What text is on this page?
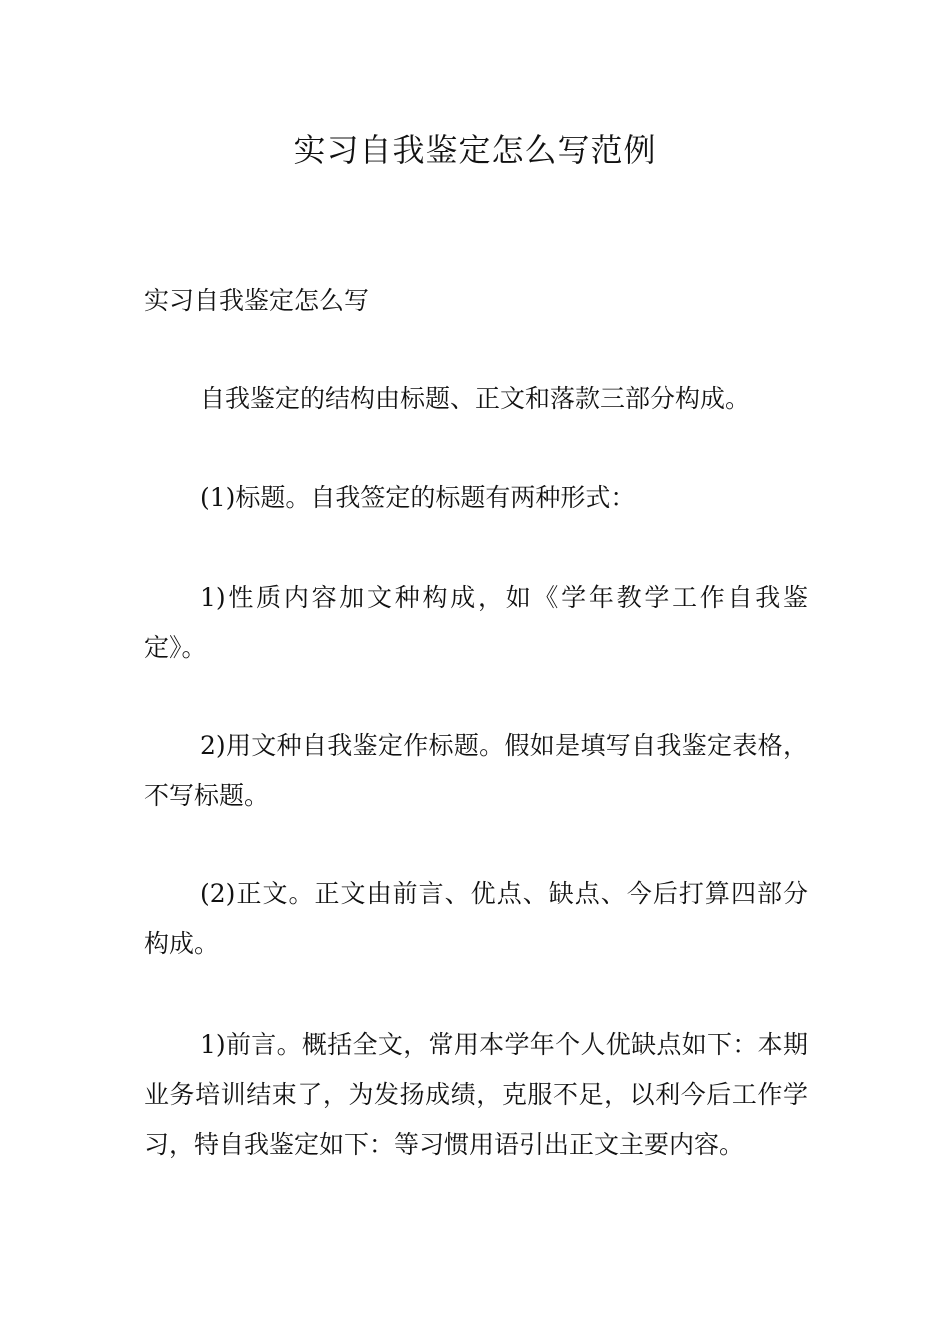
实习自我鉴定怎么写范例

实习自我鉴定怎么写

自我鉴定的结构由标题、正文和落款三部分构成。

(1)标题。自我签定的标题有两种形式：

1)性质内容加文种构成，如《学年教学工作自我鉴定》。

2)用文种自我鉴定作标题。假如是填写自我鉴定表格，不写标题。

(2)正文。正文由前言、优点、缺点、今后打算四部分构成。

1)前言。概括全文，常用本学年个人优缺点如下：本期业务培训结束了，为发扬成绩，克服不足，以利今后工作学习，特自我鉴定如下：等习惯用语引出正文主要内容。
